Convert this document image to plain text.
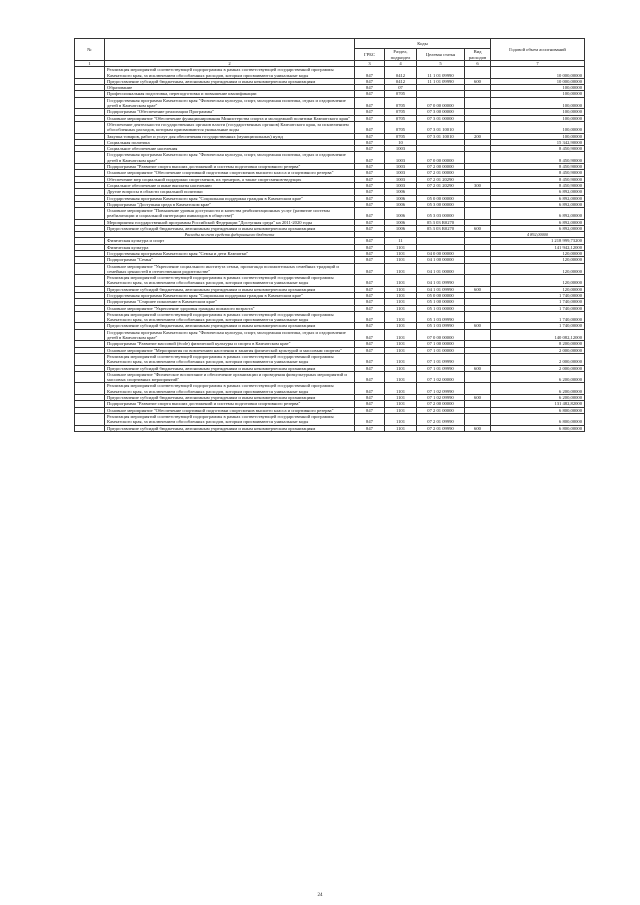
№		Коды				Годовой объем ассигнований
		ГРБС	Раздел, подраздел	Целевая статья	Вид расходов	
1	2	3	4	5	6	7
	Реализация мероприятий соответствующей подпрограммы в рамках соответствующей государственной программы Камчатского края, за исключением обособленных расходов, которым присваиваются уникальные коды	847	0412	11 1 01 09990		10 000,00000
	Предоставление субсидий бюджетным, автономным учреждениям и иным некоммерческим организациям	847	0412	11 1 01 09990	600	10 000,00000
	Образование	847	07			100,00000
	Профессиональная подготовка, переподготовка и повышение квалификации	847	0705			100,00000
	Государственная программа Камчатского края "Физическая культура, спорт, молодежная политика, отдых и оздоровление детей в Камчатском крае"	847	0705	07 0 00 00000		100,00000
	Подпрограмма "Обеспечение реализации Программы"	847	0705	07 3 00 00000		100,00000
	Основное мероприятие "Обеспечение функционирования Министерства спорта и молодежной политики Камчатского края"	847	0705	07 3 01 00000		100,00000
	Обеспечение деятельности государственных органов власти (государственных органов) Камчатского края, за исключением обособленных расходов, которым присваиваются уникальные коды	847	0705	07 3 01 10010		100,00000
	Закупка товаров, работ и услуг для обеспечения государственных (муниципальных) нужд	847	0705	07 3 01 10010	200	100,00000
	Социальная политика	847	10			15 342,90000
	Социальное обеспечение населения	847	1003			8 450,90000
	Государственная программа Камчатского края "Физическая культура, спорт, молодежная политика, отдых и оздоровление детей в Камчатском крае"	847	1003	07 0 00 00000		8 450,90000
	Подпрограмма "Развитие спорта высших достижений и системы подготовки спортивного резерва"	847	1003	07 2 00 00000		8 450,90000
	Основное мероприятие "Обеспечение спортивной подготовки спортсменов высшего класса и спортивного резерва"	847	1003	07 2 01 00000		8 450,90000
	Обеспечение мер социальной поддержки спортсменов, их тренеров, а также спортсменов-ведущих	847	1003	07 2 01 20290		8 450,90000
	Социальное обеспечение и иные выплаты населению	847	1003	07 2 01 20290	300	8 450,90000
	Другие вопросы в области социальной политики	847	1006			6 892,00000
	Государственная программа Камчатского края "Социальная поддержка граждан в Камчатском крае"	847	1006	05 0 00 00000		6 892,00000
	Подпрограмма "Доступная среда в Камчатском крае"	847	1006	05 3 00 00000		6 892,00000
	Основное мероприятие "Повышение уровня доступности и качества реабилитационных услуг (развитие системы реабилитации и социальной интеграции инвалидов в обществе)"	847	1006	05 3 03 00000		6 892,00000
	Мероприятия государственной программы Российской Федерации "Доступная среда" на 2011-2020 годы	847	1006	05 3 03 R0270		6 892,00000
	Предоставление субсидий бюджетным, автономным учреждениям и иным некоммерческим организациям	847	1006	05 3 03 R0270	600	6 892,00000
	Расходы за счет средств федерального бюджета					4 892,00000
	Физическая культура и спорт	847	11			1 218 999,73200
	Физическая культура	847	1101			141 942,12000
	Государственная программа Камчатского края "Семья и дети Камчатки"	847	1101	04 0 00 00000		120,00000
	Подпрограмма "Семья"	847	1101	04 1 00 00000		120,00000
	Основное мероприятие "Укрепление социального института семьи, пропаганда положительных семейных традиций и семейных ценностей в отечественном родительстве"	847	1101	04 1 01 00000		120,00000
	Реализация мероприятий соответствующей подпрограммы в рамках соответствующей государственной программы Камчатского края, за исключением обособленных расходов, которым присваиваются уникальные коды	847	1101	04 1 01 09990		120,00000
	Предоставление субсидий бюджетным, автономным учреждениям и иным некоммерческим организациям	847	1101	04 1 01 09990	600	120,00000
	Государственная программа Камчатского края "Социальная поддержка граждан в Камчатском крае"	847	1101	05 0 00 00000		1 740,00000
	Подпрограмма "Старшее поколение в Камчатском крае"	847	1101	05 1 00 00000		1 740,00000
	Основное мероприятие "Укрепление здоровья граждан пожилого возраста"	847	1101	05 1 03 00000		1 740,00000
	Реализация мероприятий соответствующей подпрограммы в рамках соответствующей государственной программы Камчатского края, за исключением обособленных расходов, которым присваиваются уникальные коды	847	1101	05 1 03 09990		1 740,00000
	Предоставление субсидий бюджетным, автономным учреждениям и иным некоммерческим организациям	847	1101	05 1 03 09990	600	1 740,00000
	Государственная программа Камчатского края "Физическая культура, спорт, молодежная политика, отдых и оздоровление детей в Камчатском крае"	847	1101	07 0 00 00000		140 082,12000
	Подпрограмма "Развитие массовой (école) физической культуры и спорта в Камчатском крае"	847	1101	07 1 00 00000		8 200,00000
	Основное мероприятие "Мероприятия по вовлечению населения в занятия физической культурой и массовым спортом"	847	1101	07 1 01 00000		2 000,00000
	Реализация мероприятий соответствующей подпрограммы в рамках соответствующей государственной программы Камчатского края, за исключением обособленных расходов, которым присваиваются уникальные коды	847	1101	07 1 01 09990		2 000,00000
	Предоставление субсидий бюджетным, автономным учреждениям и иным некоммерческим организациям	847	1101	07 1 01 09990	600	2 000,00000
	Основное мероприятие "Физическое воспитание и обеспечение организации и проведения физкультурных мероприятий и массовых спортивных мероприятий"	847	1101	07 1 02 00000		6 200,00000
	Реализация мероприятий соответствующей подпрограммы в рамках соответствующей государственной программы Камчатского края, за исключением обособленных расходов, которым присваиваются уникальные коды	847	1101	07 1 02 09990		6 200,00000
	Предоставление субсидий бюджетным, автономным учреждениям и иным некоммерческим организациям	847	1101	07 1 02 09990	600	6 200,00000
	Подпрограмма "Развитие спорта высших достижений и системы подготовки спортивного резерва"	847	1101	07 2 00 00000		131 482,82000
	Основное мероприятие "Обеспечение спортивной подготовки спортсменов высшего класса и спортивного резерва"	847	1101	07 2 01 00000		6 800,00000
	Реализация мероприятий соответствующей подпрограммы в рамках соответствующей государственной программы Камчатского края, за исключением обособленных расходов, которым присваиваются уникальные коды	847	1101	07 2 01 09990		6 800,00000
	Предоставление субсидий бюджетным, автономным учреждениям и иным некоммерческим организациям	847	1101	07 2 01 09990	600	6 800,00000
24
